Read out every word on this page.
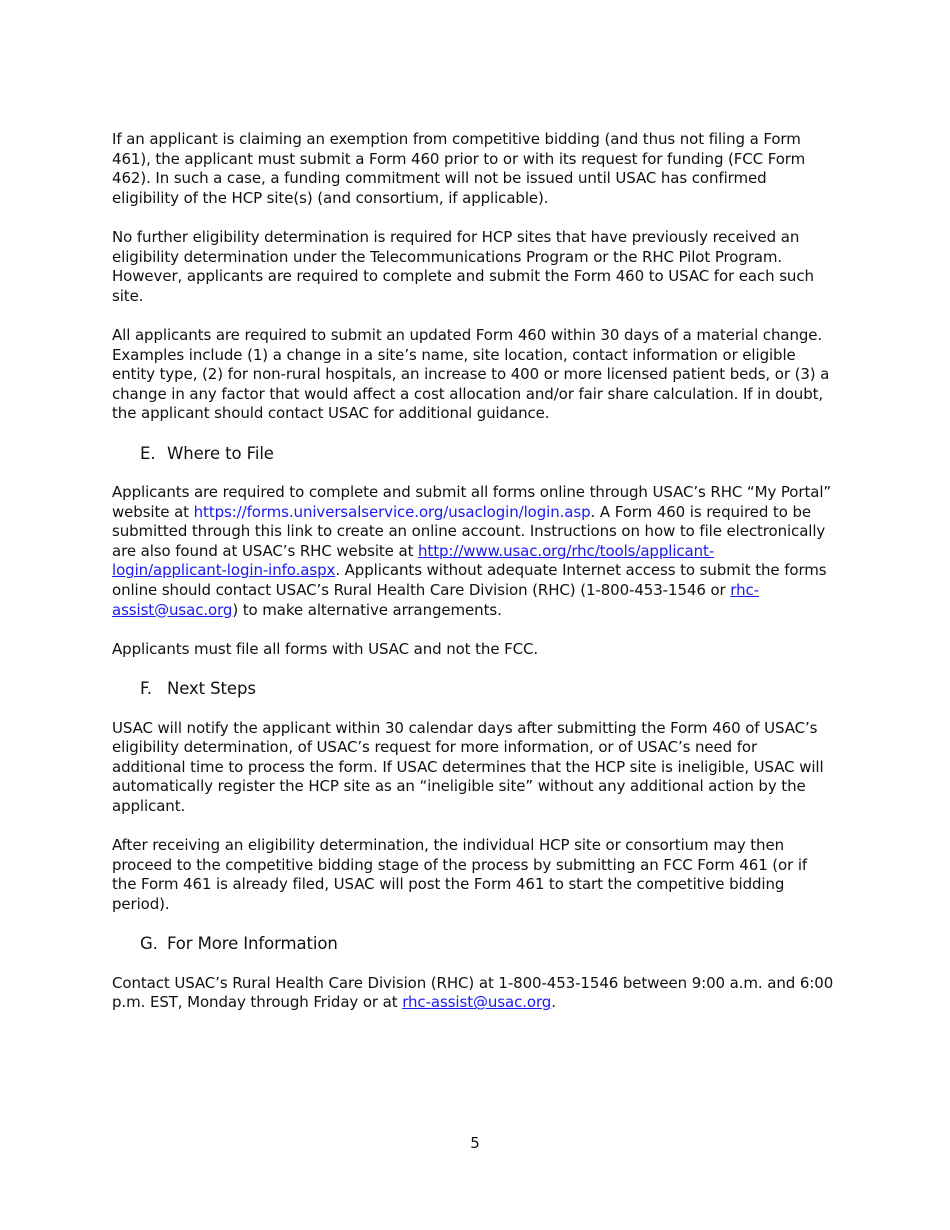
If an applicant is claiming an exemption from competitive bidding (and thus not filing a Form 461), the applicant must submit a Form 460 prior to or with its request for funding (FCC Form 462). In such a case, a funding commitment will not be issued until USAC has confirmed eligibility of the HCP site(s) (and consortium, if applicable).

No further eligibility determination is required for HCP sites that have previously received an eligibility determination under the Telecommunications Program or the RHC Pilot Program. However, applicants are required to complete and submit the Form 460 to USAC for each such site.

All applicants are required to submit an updated Form 460 within 30 days of a material change. Examples include (1) a change in a site’s name, site location, contact information or eligible entity type, (2) for non-rural hospitals, an increase to 400 or more licensed patient beds, or (3) a change in any factor that would affect a cost allocation and/or fair share calculation. If in doubt, the applicant should contact USAC for additional guidance.

E. Where to File

Applicants are required to complete and submit all forms online through USAC’s RHC “My Portal” website at https://forms.universalservice.org/usaclogin/login.asp. A Form 460 is required to be submitted through this link to create an online account. Instructions on how to file electronically are also found at USAC’s RHC website at http://www.usac.org/rhc/tools/applicant-
login/applicant-login-info.aspx. Applicants without adequate Internet access to submit the forms online should contact USAC’s Rural Health Care Division (RHC) (1-800-453-1546 or rhc-assist@usac.org) to make alternative arrangements.

Applicants must file all forms with USAC and not the FCC.

F. Next Steps

USAC will notify the applicant within 30 calendar days after submitting the Form 460 of USAC’s eligibility determination, of USAC’s request for more information, or of USAC’s need for additional time to process the form. If USAC determines that the HCP site is ineligible, USAC will automatically register the HCP site as an “ineligible site” without any additional action by the applicant.

After receiving an eligibility determination, the individual HCP site or consortium may then proceed to the competitive bidding stage of the process by submitting an FCC Form 461 (or if the Form 461 is already filed, USAC will post the Form 461 to start the competitive bidding period).

G. For More Information

Contact USAC’s Rural Health Care Division (RHC) at 1-800-453-1546 between 9:00 a.m. and 6:00 p.m. EST, Monday through Friday or at rhc-assist@usac.org.

5
